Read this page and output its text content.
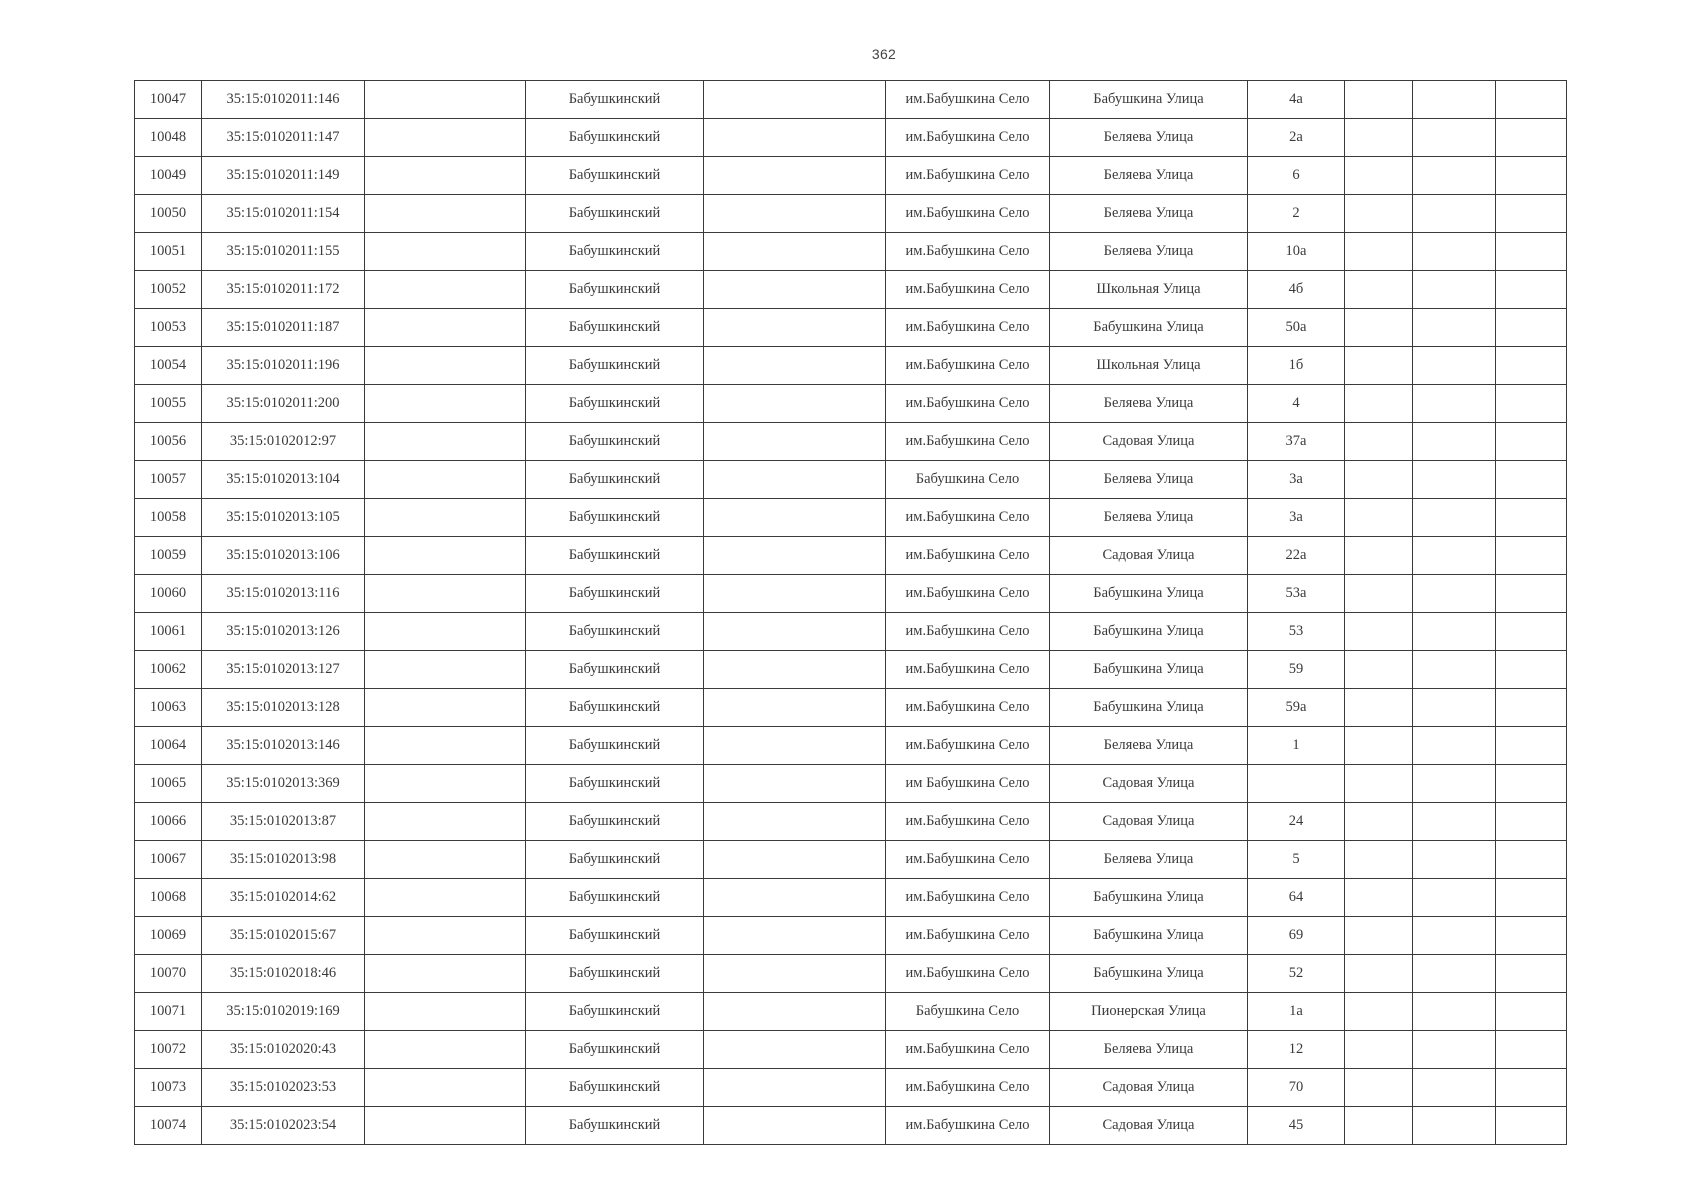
362
10047	35:15:0102011:146		Бабушкинский		им.Бабушкина Село	Бабушкина Улица	4а			
10048	35:15:0102011:147		Бабушкинский		им.Бабушкина Село	Беляева Улица	2а			
10049	35:15:0102011:149		Бабушкинский		им.Бабушкина Село	Беляева Улица	6			
10050	35:15:0102011:154		Бабушкинский		им.Бабушкина Село	Беляева Улица	2			
10051	35:15:0102011:155		Бабушкинский		им.Бабушкина Село	Беляева Улица	10а			
10052	35:15:0102011:172		Бабушкинский		им.Бабушкина Село	Школьная Улица	4б			
10053	35:15:0102011:187		Бабушкинский		им.Бабушкина Село	Бабушкина Улица	50а			
10054	35:15:0102011:196		Бабушкинский		им.Бабушкина Село	Школьная Улица	1б			
10055	35:15:0102011:200		Бабушкинский		им.Бабушкина Село	Беляева Улица	4			
10056	35:15:0102012:97		Бабушкинский		им.Бабушкина Село	Садовая Улица	37а			
10057	35:15:0102013:104		Бабушкинский		Бабушкина Село	Беляева Улица	3а			
10058	35:15:0102013:105		Бабушкинский		им.Бабушкина Село	Беляева Улица	3а			
10059	35:15:0102013:106		Бабушкинский		им.Бабушкина Село	Садовая Улица	22а			
10060	35:15:0102013:116		Бабушкинский		им.Бабушкина Село	Бабушкина Улица	53а			
10061	35:15:0102013:126		Бабушкинский		им.Бабушкина Село	Бабушкина Улица	53			
10062	35:15:0102013:127		Бабушкинский		им.Бабушкина Село	Бабушкина Улица	59			
10063	35:15:0102013:128		Бабушкинский		им.Бабушкина Село	Бабушкина Улица	59а			
10064	35:15:0102013:146		Бабушкинский		им.Бабушкина Село	Беляева Улица	1			
10065	35:15:0102013:369		Бабушкинский		им Бабушкина Село	Садовая Улица				
10066	35:15:0102013:87		Бабушкинский		им.Бабушкина Село	Садовая Улица	24			
10067	35:15:0102013:98		Бабушкинский		им.Бабушкина Село	Беляева Улица	5			
10068	35:15:0102014:62		Бабушкинский		им.Бабушкина Село	Бабушкина Улица	64			
10069	35:15:0102015:67		Бабушкинский		им.Бабушкина Село	Бабушкина Улица	69			
10070	35:15:0102018:46		Бабушкинский		им.Бабушкина Село	Бабушкина Улица	52			
10071	35:15:0102019:169		Бабушкинский		Бабушкина Село	Пионерская Улица	1а			
10072	35:15:0102020:43		Бабушкинский		им.Бабушкина Село	Беляева Улица	12			
10073	35:15:0102023:53		Бабушкинский		им.Бабушкина Село	Садовая Улица	70			
10074	35:15:0102023:54		Бабушкинский		им.Бабушкина Село	Садовая Улица	45			
